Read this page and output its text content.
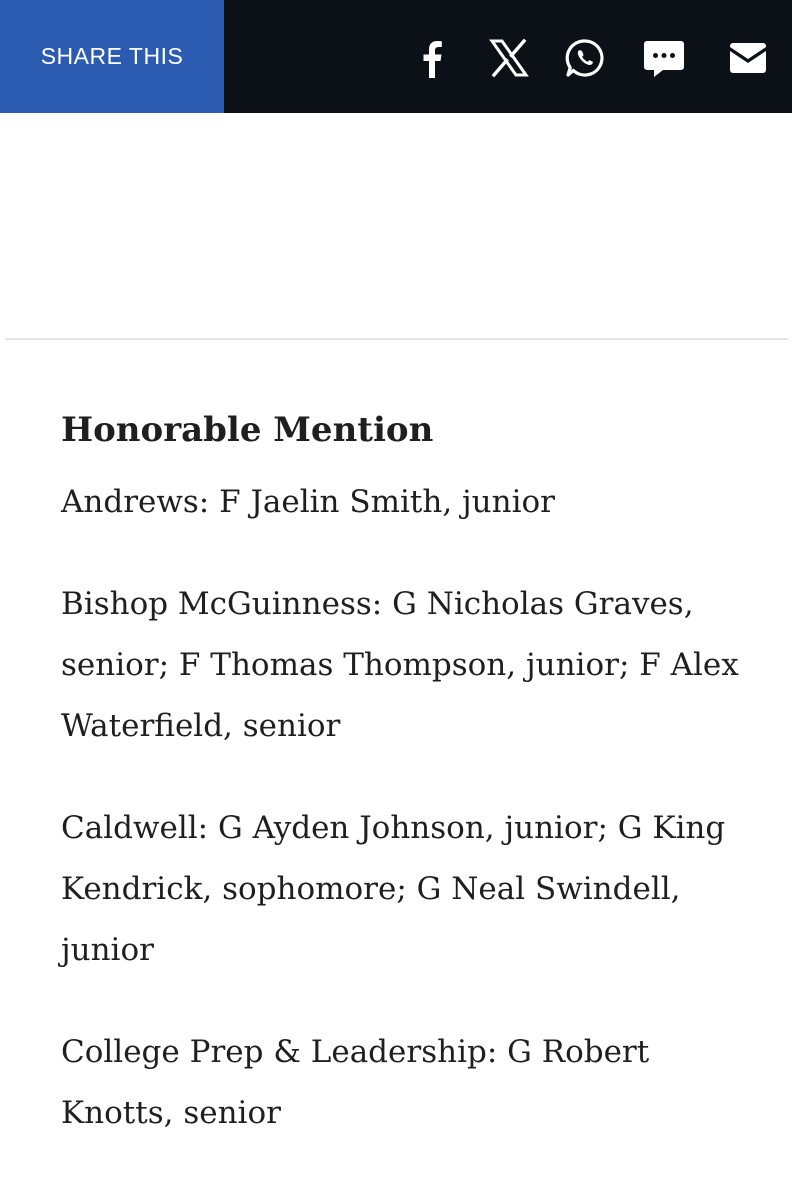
SHARE THIS
Honorable Mention

Andrews: F Jaelin Smith, junior

Bishop McGuinness: G Nicholas Graves, senior; F Thomas Thompson, junior; F Alex Waterfield, senior

Caldwell: G Ayden Johnson, junior; G King Kendrick, sophomore; G Neal Swindell, junior

College Prep & Leadership: G Robert Knotts, senior
